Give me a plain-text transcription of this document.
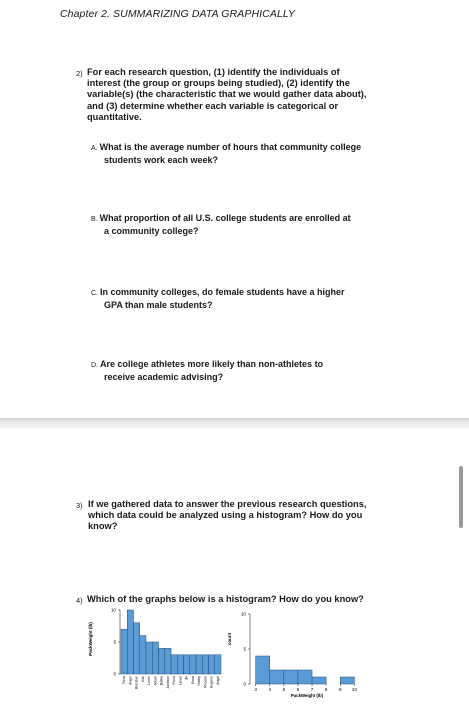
Chapter 2. SUMMARIZING DATA GRAPHICALLY
2) For each research question, (1) identify the individuals of
interest (the group or groups being studied), (2) identify the
variable(s) (the characteristic that we would gather data about),
and (3) determine whether each variable is categorical or
quantitative.
A. What is the average number of hours that community college
students work each week?
B. What proportion of all U.S. college students are enrolled at
a community college?
C. In community colleges, do female students have a higher
GPA than male students?
D. Are college athletes more likely than non-athletes to
receive academic advising?
3) If we gathered data to answer the previous research questions,
which data could be analyzed using a histogram? How do you
know?
4) Which of the graphs below is a histogram? How do you know?
PackWeight (lb)
0
5
10
Tonia Angie Brendan Kibi Loren Micah Bailey Jackson Fiona Laney JH Rosa Hailey Phoebe Eugene Angie
count
PackWeight (lb)
0
5
10
3	4	5	6	7	8	9 10
